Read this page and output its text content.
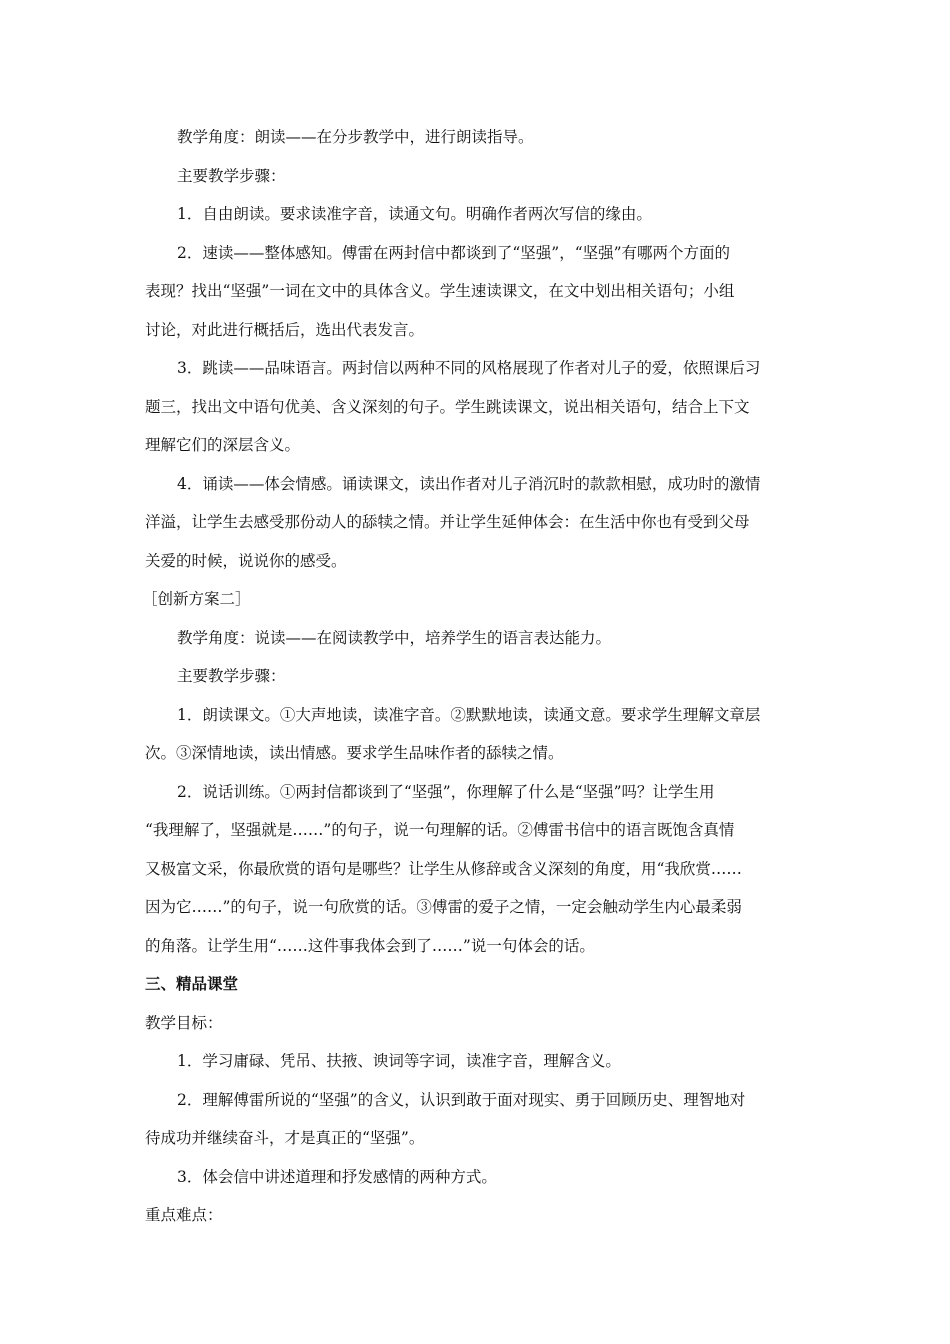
教学角度：朗读——在分步教学中，进行朗读指导。
主要教学步骤：
1．自由朗读。要求读准字音，读通文句。明确作者两次写信的缘由。
2．速读——整体感知。傅雷在两封信中都谈到了“坚强”，“坚强”有哪两个方面的
表现？找出“坚强”一词在文中的具体含义。学生速读课文，在文中划出相关语句；小组
讨论，对此进行概括后，选出代表发言。
3．跳读——品味语言。两封信以两种不同的风格展现了作者对儿子的爱，依照课后习
题三，找出文中语句优美、含义深刻的句子。学生跳读课文，说出相关语句，结合上下文
理解它们的深层含义。
4．诵读——体会情感。诵读课文，读出作者对儿子消沉时的款款相慰，成功时的激情
洋溢，让学生去感受那份动人的舔犊之情。并让学生延伸体会：在生活中你也有受到父母
关爱的时候，说说你的感受。
［创新方案二］
教学角度：说读——在阅读教学中，培养学生的语言表达能力。
主要教学步骤：
1．朗读课文。①大声地读，读准字音。②默默地读，读通文意。要求学生理解文章层
次。③深情地读，读出情感。要求学生品味作者的舔犊之情。
2．说话训练。①两封信都谈到了“坚强”，你理解了什么是“坚强”吗？让学生用
“我理解了，坚强就是……”的句子，说一句理解的话。②傅雷书信中的语言既饱含真情
又极富文采，你最欣赏的语句是哪些？让学生从修辞或含义深刻的角度，用“我欣赏……
因为它……”的句子，说一句欣赏的话。③傅雷的爱子之情，一定会触动学生内心最柔弱
的角落。让学生用“……这件事我体会到了……”说一句体会的话。
三、精品课堂
教学目标：
1．学习庸碌、凭吊、扶掖、谀词等字词，读准字音，理解含义。
2．理解傅雷所说的“坚强”的含义，认识到敢于面对现实、勇于回顾历史、理智地对
待成功并继续奋斗，才是真正的“坚强”。
3．体会信中讲述道理和抒发感情的两种方式。
重点难点：
